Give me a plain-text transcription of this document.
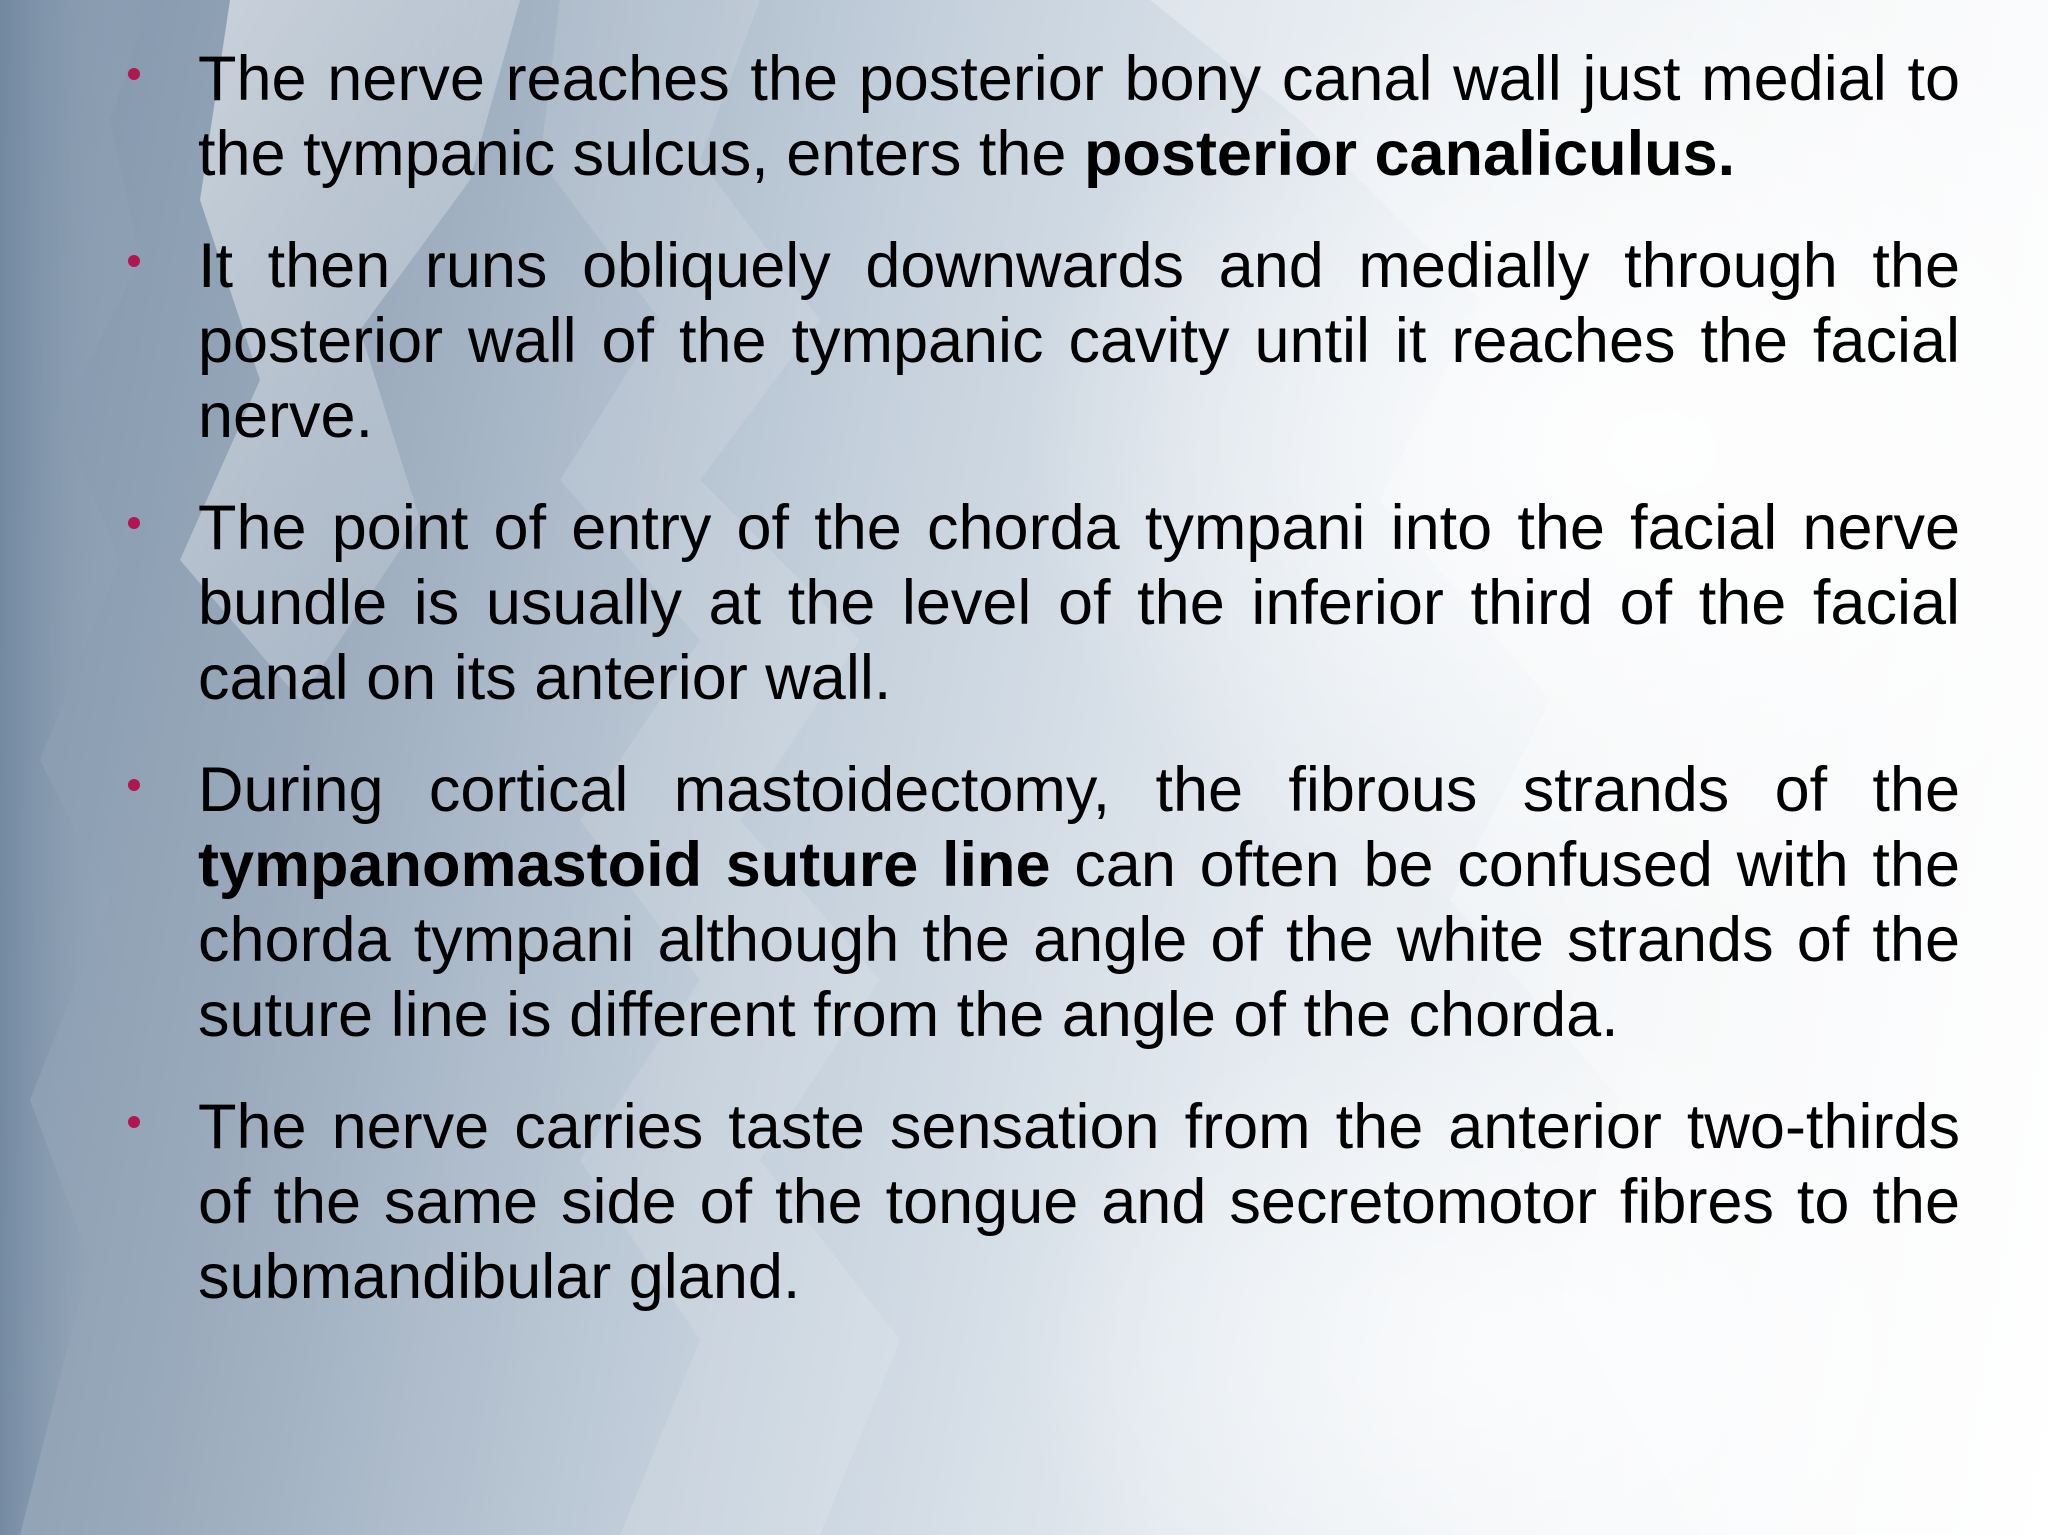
The nerve reaches the posterior bony canal wall just medial to the tympanic sulcus, enters the posterior canaliculus.
It then runs obliquely downwards and medially through the posterior wall of the tympanic cavity until it reaches the facial nerve.
The point of entry of the chorda tympani into the facial nerve bundle is usually at the level of the inferior third of the facial canal on its anterior wall.
During cortical mastoidectomy, the fibrous strands of the tympanomastoid suture line can often be confused with the chorda tympani although the angle of the white strands of the suture line is different from the angle of the chorda.
The nerve carries taste sensation from the anterior two-thirds of the same side of the tongue and secretomotor fibres to the submandibular gland.
